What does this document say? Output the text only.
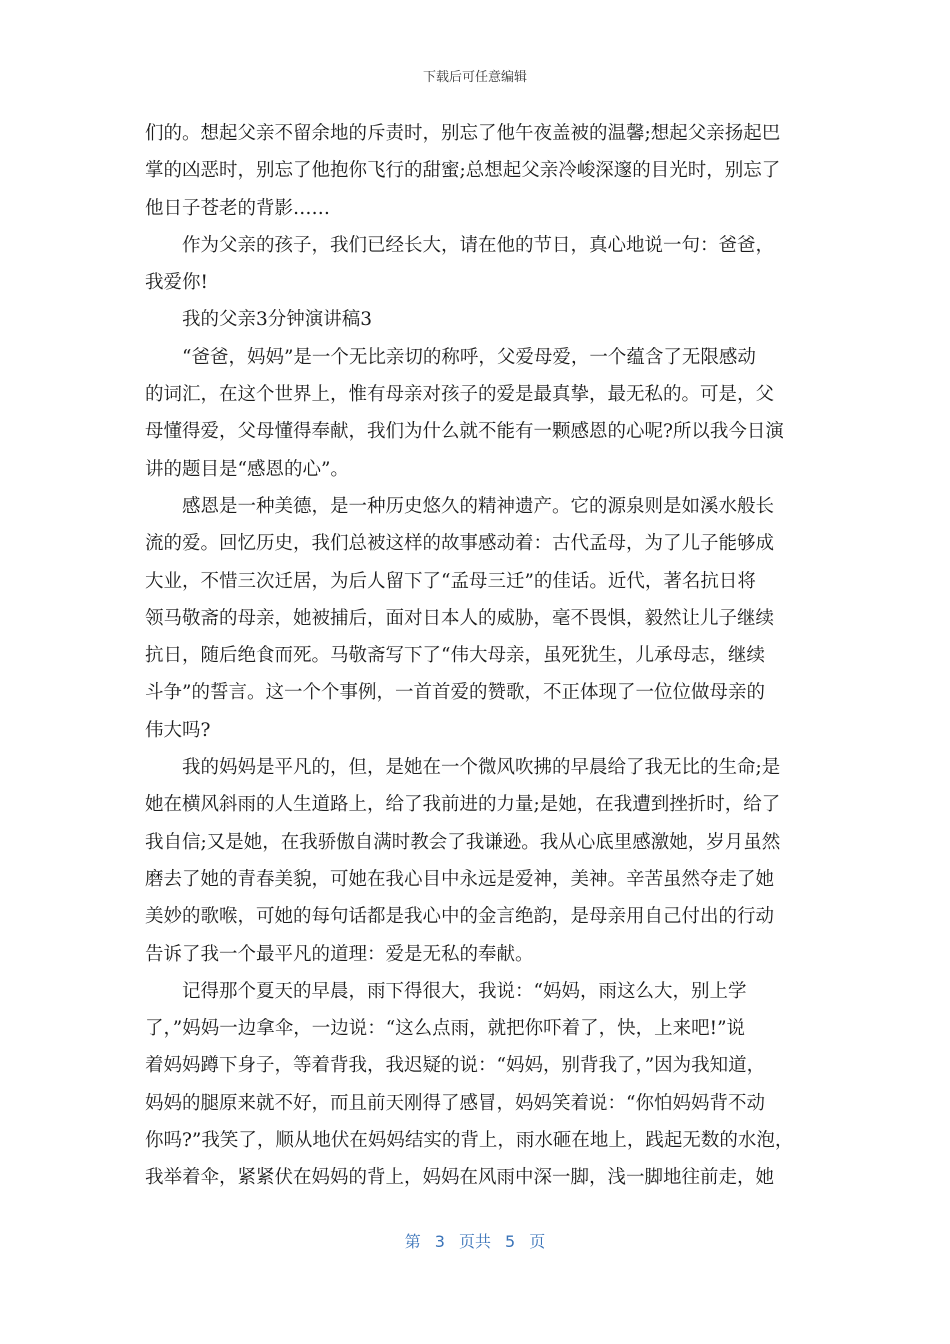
下载后可任意编辑
们的。想起父亲不留余地的斥责时，别忘了他午夜盖被的温馨;想起父亲扬起巴
掌的凶恶时，别忘了他抱你飞行的甜蜜;总想起父亲冷峻深邃的目光时，别忘了
他日子苍老的背影……
作为父亲的孩子，我们已经长大，请在他的节日，真心地说一句：爸爸，
我爱你!
我的父亲3分钟演讲稿3
“爸爸，妈妈”是一个无比亲切的称呼，父爱母爱，一个蕴含了无限感动
的词汇，在这个世界上，惟有母亲对孩子的爱是最真挚，最无私的。可是，父
母懂得爱，父母懂得奉献，我们为什么就不能有一颗感恩的心呢?所以我今日演
讲的题目是“感恩的心”。
感恩是一种美德，是一种历史悠久的精神遗产。它的源泉则是如溪水般长
流的爱。回忆历史，我们总被这样的故事感动着：古代孟母，为了儿子能够成
大业，不惜三次迁居，为后人留下了“孟母三迁”的佳话。近代，著名抗日将
领马敬斋的母亲，她被捕后，面对日本人的威胁，毫不畏惧，毅然让儿子继续
抗日，随后绝食而死。马敬斋写下了“伟大母亲，虽死犹生，儿承母志，继续
斗争”的誓言。这一个个事例，一首首爱的赞歌，不正体现了一位位做母亲的
伟大吗?
我的妈妈是平凡的，但，是她在一个微风吹拂的早晨给了我无比的生命;是
她在横风斜雨的人生道路上，给了我前进的力量;是她，在我遭到挫折时，给了
我自信;又是她，在我骄傲自满时教会了我谦逊。我从心底里感激她，岁月虽然
磨去了她的青春美貌，可她在我心目中永远是爱神，美神。辛苦虽然夺走了她
美妙的歌喉，可她的每句话都是我心中的金言绝韵，是母亲用自己付出的行动
告诉了我一个最平凡的道理：爱是无私的奉献。
记得那个夏天的早晨，雨下得很大，我说：“妈妈，雨这么大，别上学
了，”妈妈一边拿伞，一边说：“这么点雨，就把你吓着了，快，上来吧!”说
着妈妈蹲下身子，等着背我，我迟疑的说：“妈妈，别背我了，”因为我知道，
妈妈的腿原来就不好，而且前天刚得了感冒，妈妈笑着说：“你怕妈妈背不动
你吗?”我笑了，顺从地伏在妈妈结实的背上，雨水砸在地上，践起无数的水泡，
我举着伞，紧紧伏在妈妈的背上，妈妈在风雨中深一脚，浅一脚地往前走，她
第 3 页共 5 页
